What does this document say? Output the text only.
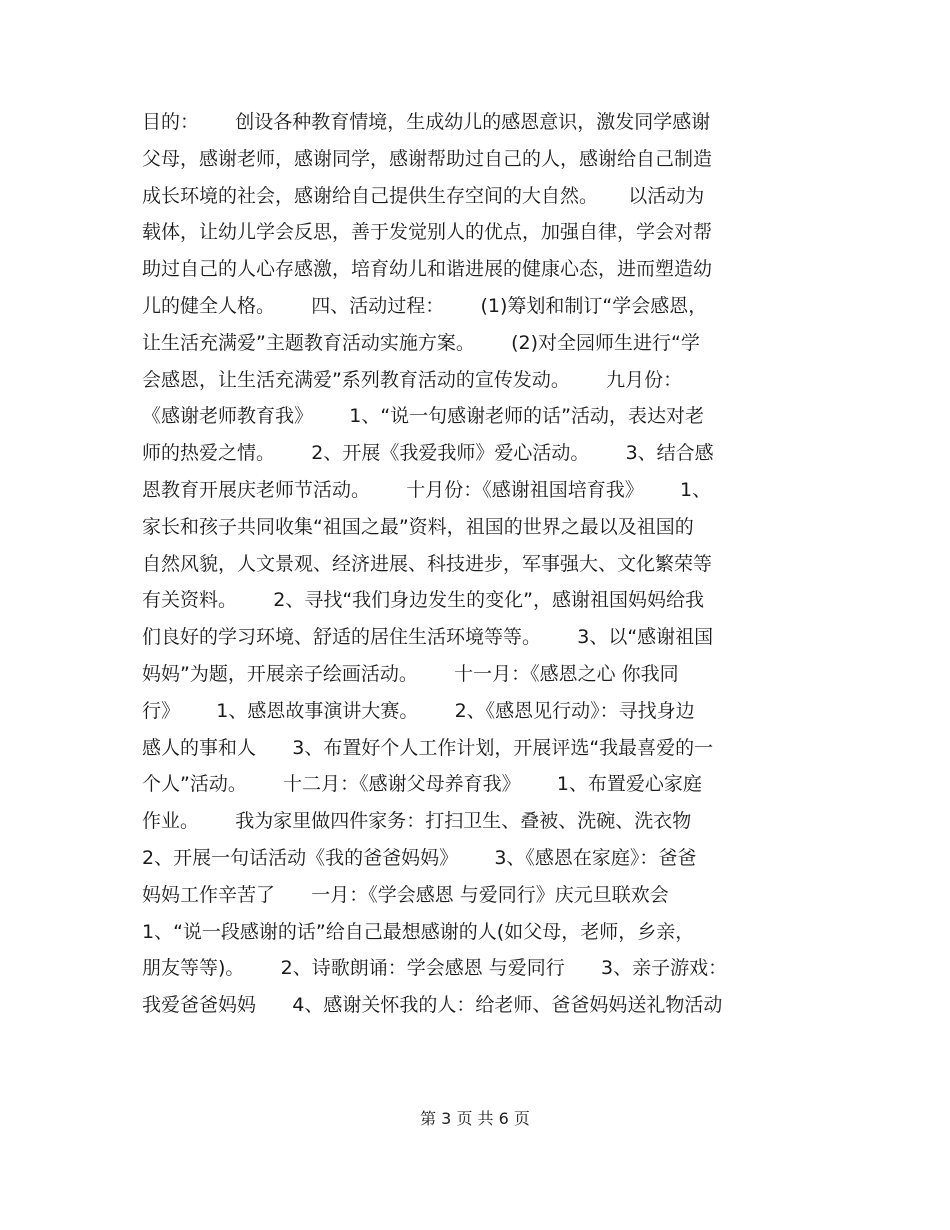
目的：      创设各种教育情境，生成幼儿的感恩意识，激发同学感谢
父母，感谢老师，感谢同学，感谢帮助过自己的人，感谢给自己制造
成长环境的社会，感谢给自己提供生存空间的大自然。     以活动为
载体，让幼儿学会反思，善于发觉别人的优点，加强自律，学会对帮
助过自己的人心存感激，培育幼儿和谐进展的健康心态，进而塑造幼
儿的健全人格。      四、活动过程：      (1)筹划和制订“学会感恩，
让生活充满爱”主题教育活动实施方案。      (2)对全园师生进行“学
会感恩，让生活充满爱”系列教育活动的宣传发动。      九月份：
《感谢老师教育我》      1、“说一句感谢老师的话”活动，表达对老
师的热爱之情。      2、开展《我爱我师》爱心活动。      3、结合感
恩教育开展庆老师节活动。      十月份：《感谢祖国培育我》      1、
家长和孩子共同收集“祖国之最”资料，祖国的世界之最以及祖国的
自然风貌，人文景观、经济进展、科技进步，军事强大、文化繁荣等
有关资料。      2、寻找“我们身边发生的变化”，感谢祖国妈妈给我
们良好的学习环境、舒适的居住生活环境等等。      3、以“感谢祖国
妈妈”为题，开展亲子绘画活动。      十一月：《感恩之心 你我同
行》      1、感恩故事演讲大赛。      2、《感恩见行动》：寻找身边
感人的事和人      3、布置好个人工作计划，开展评选“我最喜爱的一
个人”活动。      十二月：《感谢父母养育我》      1、布置爱心家庭
作业。      我为家里做四件家务：打扫卫生、叠被、洗碗、洗衣物
2、开展一句话活动《我的爸爸妈妈》      3、《感恩在家庭》：爸爸
妈妈工作辛苦了      一月：《学会感恩 与爱同行》庆元旦联欢会
1、“说一段感谢的话”给自己最想感谢的人(如父母，老师，乡亲，
朋友等等)。      2、诗歌朗诵：学会感恩 与爱同行      3、亲子游戏：
我爱爸爸妈妈      4、感谢关怀我的人：给老师、爸爸妈妈送礼物活动
第 3 页 共 6 页
